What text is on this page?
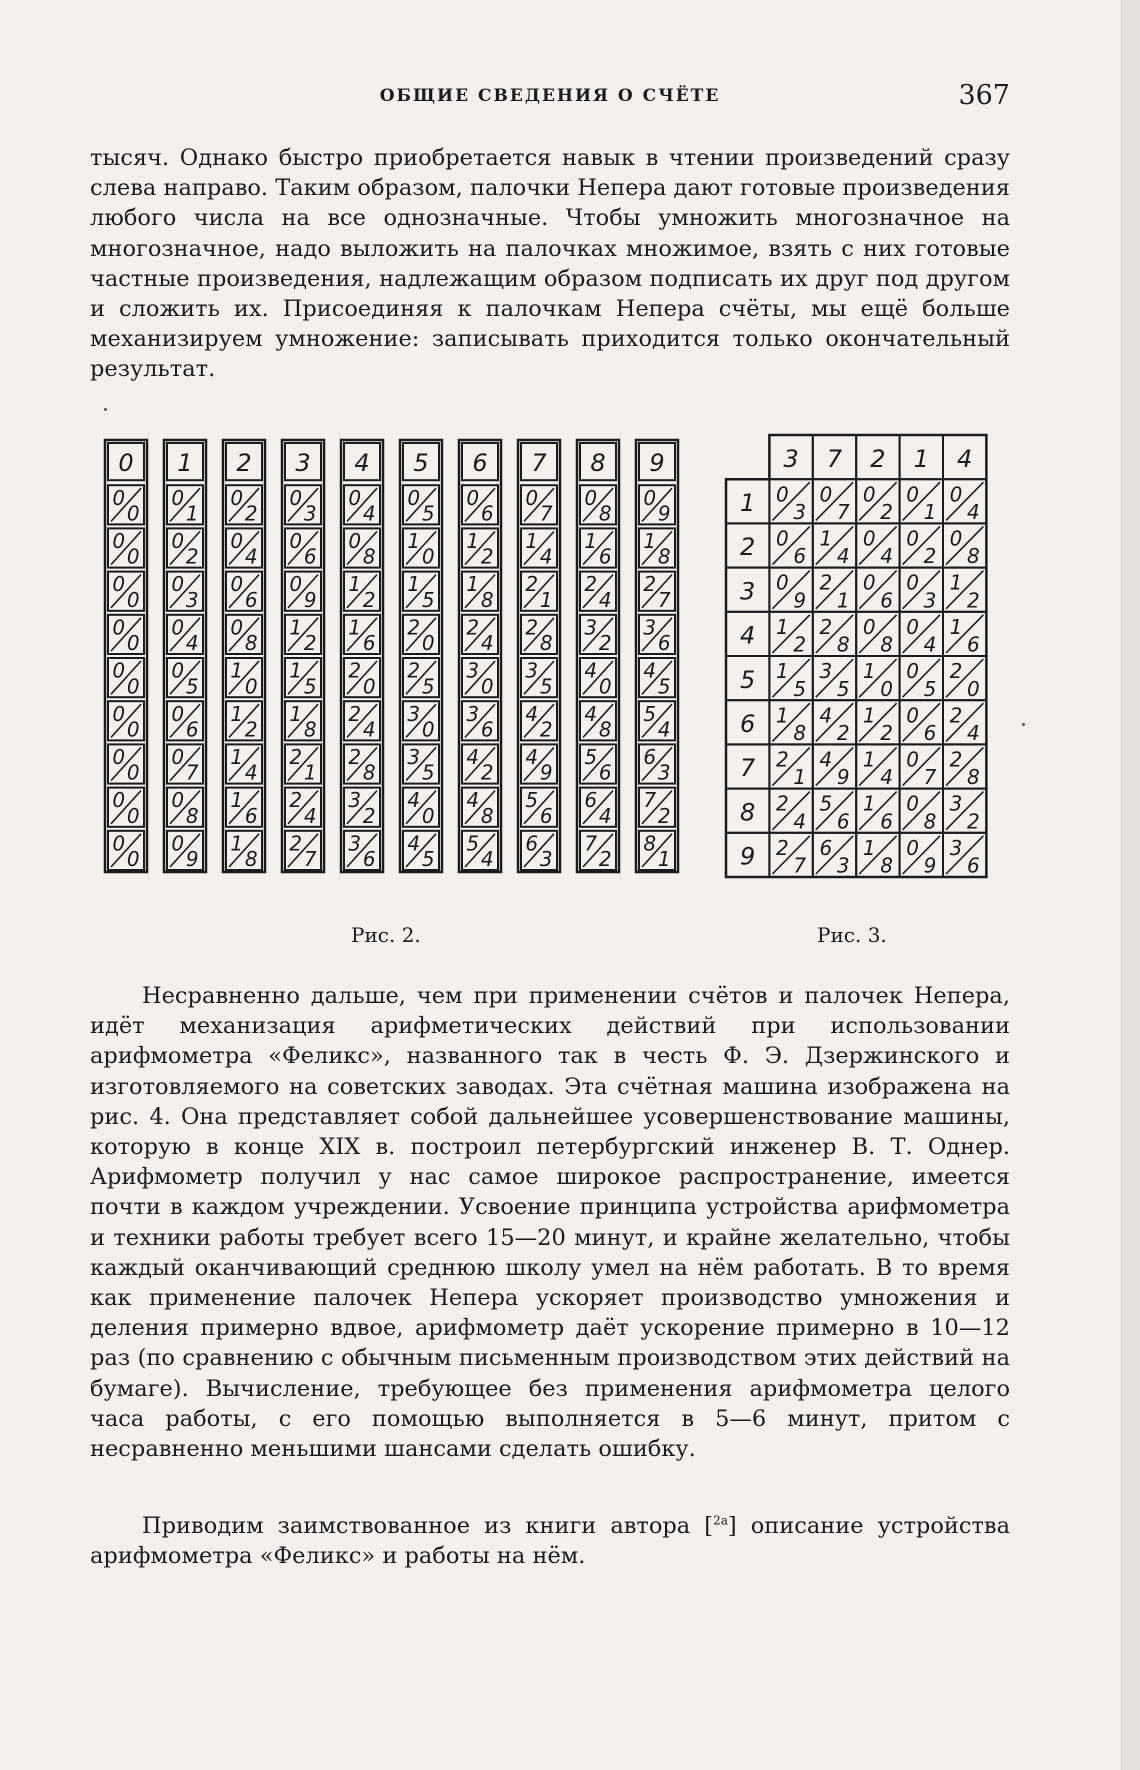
ОБЩИЕ СВЕДЕНИЯ О СЧЁТЕ	367

тысяч. Однако быстро приобретается навык в чтении произведений сразу слева направо. Таким образом, палочки Непера дают готовые произведения любого числа на все однозначные. Чтобы умножить многозначное на многозначное, надо выложить на палочках множимое, взять с них готовые частные произведения, надлежащим образом подписать их друг под другом и сложить их. Присоединяя к палочкам Непера счёты, мы ещё больше механизируем умножение: записывать приходится только окончательный результат.

0
0
0
0
0
0
0
0
0
0
0
0
0
0
0
0
0
0
0
1
0
1
0
2
0
3
0
4
0
5
0
6
0
7
0
8
0
9
2
0
2
0
4
0
6
0
8
1
0
1
2
1
4
1
6
1
8
3
0
3
0
6
0
9
1
2
1
5
1
8
2
1
2
4
2
7
4
0
4
0
8
1
2
1
6
2
0
2
4
2
8
3
2
3
6
5
0
5
1
0
1
5
2
0
2
5
3
0
3
5
4
0
4
5
6
0
6
1
2
1
8
2
4
3
0
3
6
4
2
4
8
5
4
7
0
7
1
4
2
1
2
8
3
5
4
2
4
9
5
6
6
3
8
0
8
1
6
2
4
3
2
4
0
4
8
5
6
6
4
7
2
9
0
9
1
8
2
7
3
6
4
5
5
4
6
3
7
2
8
1
3 7 2 1 4
1 0
3
0
7
0
2
0
1
0
4
2 0
6
1
4
0
4
0
2
0
8
3 0
9
2
1
0
6
0
3
1
2
4 1
2
2
8
0
8
0
4
1
6
5 1
5
3
5
1
0
0
5
2
0
6 1
8
4
2
1
2
0
6
2
4
7 2
1
4
9
1
4
0
7
2
8
8 2
4
5
6
1
6
0
8
3
2
9 2
7
6
3
1
8
0
9
3
6
Рис. 2.	Рис. 3.

Несравненно дальше, чем при применении счётов и палочек Непера, идёт механизация арифметических действий при использовании арифмометра «Феликс», названного так в честь Ф. Э. Дзержинского и изготовляемого на советских заводах. Эта счётная машина изображена на рис. 4. Она представляет собой дальнейшее усовершенствование машины, которую в конце XIX в. построил петербургский инженер В. Т. Однер. Арифмометр получил у нас самое широкое распространение, имеется почти в каждом учреждении. Усвоение принципа устройства арифмометра и техники работы требует всего 15—20 минут, и крайне желательно, чтобы каждый оканчивающий среднюю школу умел на нём работать. В то время как применение палочек Непера ускоряет производство умножения и деления примерно вдвое, арифмометр даёт ускорение примерно в 10—12 раз (по сравнению с обычным письменным производством этих действий на бумаге). Вычисление, требующее без применения арифмометра целого часа работы, с его помощью выполняется в 5—6 минут, притом с несравненно меньшими шансами сделать ошибку.

Приводим заимствованное из книги автора [$^{2а}$] описание устройства арифмометра «Феликс» и работы на нём.
